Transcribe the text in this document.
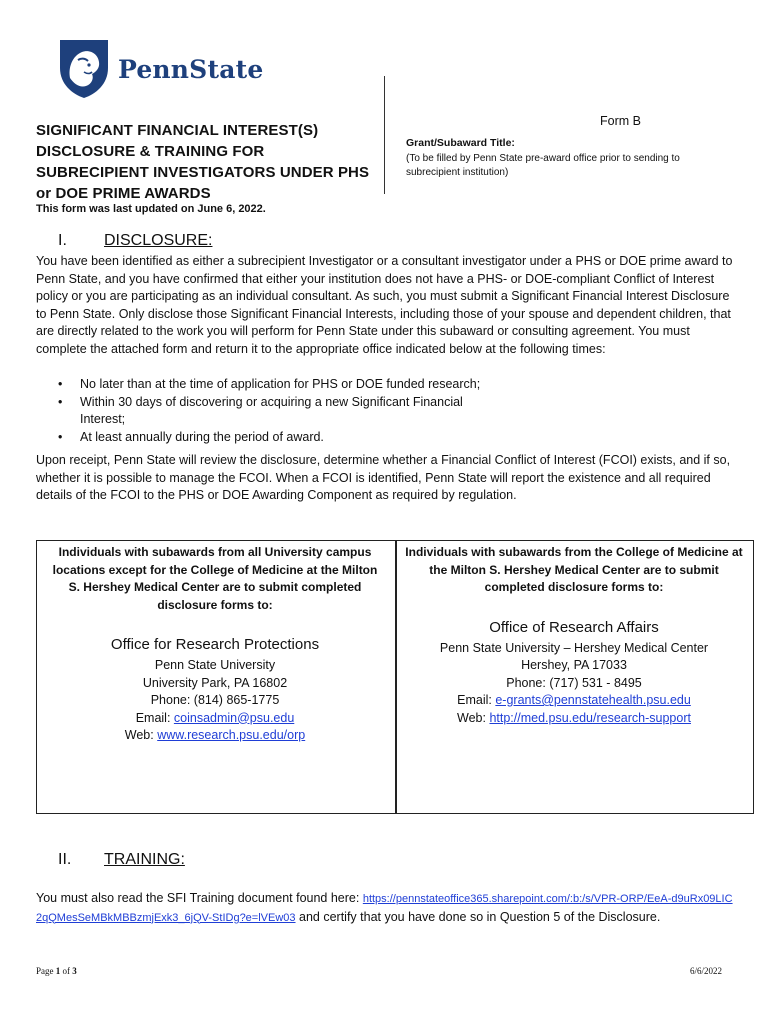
PennState
SIGNIFICANT FINANCIAL INTEREST(S) DISCLOSURE & TRAINING FOR SUBRECIPIENT INVESTIGATORS UNDER PHS or DOE PRIME AWARDS
Form B
Grant/Subaward Title:
(To be filled by Penn State pre-award office prior to sending to subrecipient institution)
This form was last updated on June 6, 2022.
I. DISCLOSURE:
You have been identified as either a subrecipient Investigator or a consultant investigator under a PHS or DOE prime award to Penn State, and you have confirmed that either your institution does not have a PHS- or DOE-compliant Conflict of Interest policy or you are participating as an individual consultant. As such, you must submit a Significant Financial Interest Disclosure to Penn State. Only disclose those Significant Financial Interests, including those of your spouse and dependent children, that are directly related to the work you will perform for Penn State under this subaward or consulting agreement. You must complete the attached form and return it to the appropriate office indicated below at the following times:
•	No later than at the time of application for PHS or DOE funded research;
•	Within 30 days of discovering or acquiring a new Significant Financial Interest;
•	At least annually during the period of award.
Upon receipt, Penn State will review the disclosure, determine whether a Financial Conflict of Interest (FCOI) exists, and if so, whether it is possible to manage the FCOI. When a FCOI is identified, Penn State will report the existence and all required details of the FCOI to the PHS or DOE Awarding Component as required by regulation.
Individuals with subawards from all University campus locations except for the College of Medicine at the Milton S. Hershey Medical Center are to submit completed disclosure forms to:
Office for Research Protections
Penn State University
University Park, PA 16802
Phone: (814) 865-1775
Email: coinsadmin@psu.edu
Web: www.research.psu.edu/orp
Individuals with subawards from the College of Medicine at the Milton S. Hershey Medical Center are to submit completed disclosure forms to:
Office of Research Affairs
Penn State University – Hershey Medical Center
Hershey, PA 17033
Phone: (717) 531 - 8495
Email: e-grants@pennstatehealth.psu.edu
Web: http://med.psu.edu/research-support
II. TRAINING:
You must also read the SFI Training document found here: https://pennstateoffice365.sharepoint.com/:b:/s/VPR-ORP/EeA-d9uRx09LIC2qQMesSeMBkMBBzmjExk3_6jQV-StIDg?e=lVEw03 and certify that you have done so in Question 5 of the Disclosure.
Page 1 of 3	6/6/2022
